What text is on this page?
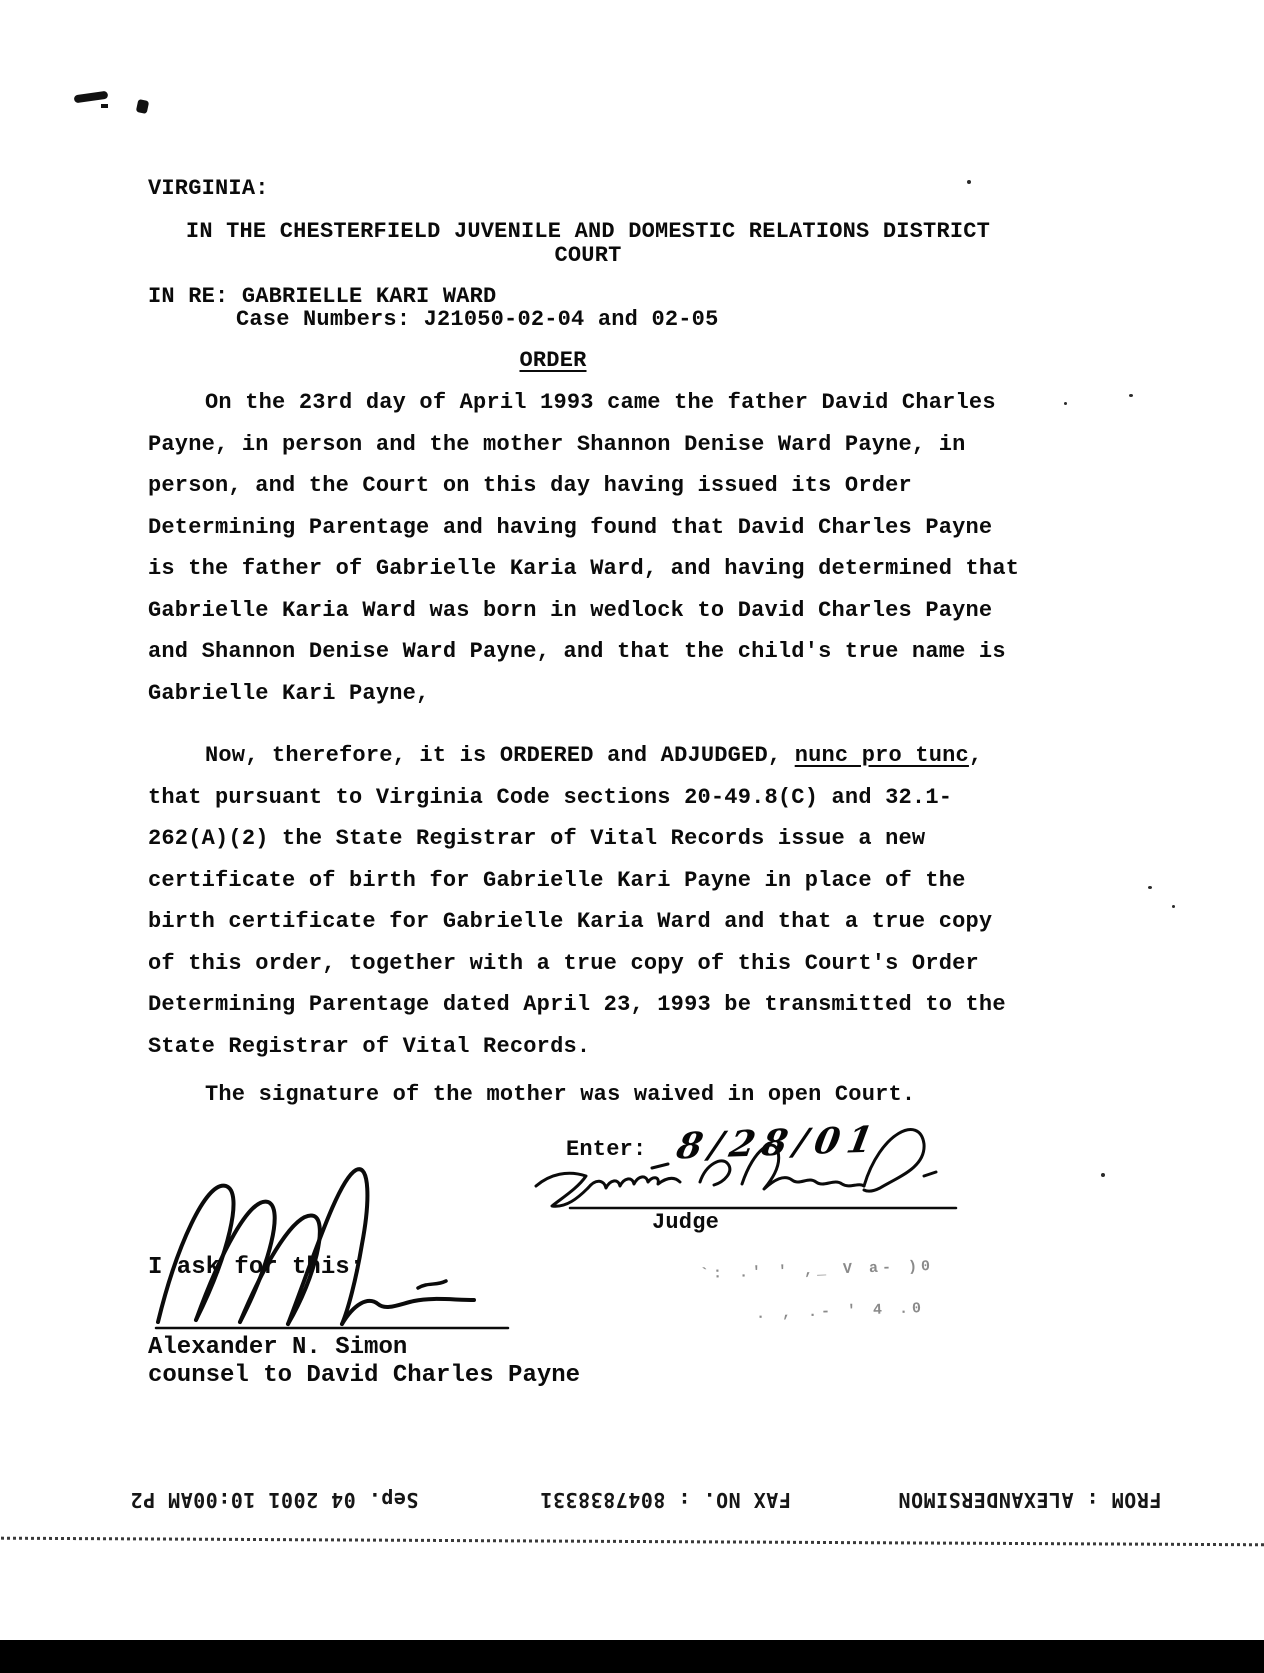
VIRGINIA:
IN THE CHESTERFIELD JUVENILE AND DOMESTIC RELATIONS DISTRICT
COURT
IN RE: GABRIELLE KARI WARD
Case Numbers: J21050-02-04 and 02-05
ORDER
On the 23rd day of April 1993 came the father David Charles
Payne, in person and the mother Shannon Denise Ward Payne, in
person, and the Court on this day having issued its Order
Determining Parentage and having found that David Charles Payne
is the father of Gabrielle Karia Ward, and having determined that
Gabrielle Karia Ward was born in wedlock to David Charles Payne
and Shannon Denise Ward Payne, and that the child's true name is
Gabrielle Kari Payne,
Now, therefore, it is ORDERED and ADJUDGED, nunc pro tunc,
that pursuant to Virginia Code sections 20-49.8(C) and 32.1-
262(A)(2) the State Registrar of Vital Records issue a new
certificate of birth for Gabrielle Kari Payne in place of the
birth certificate for Gabrielle Karia Ward and that a true copy
of this order, together with a true copy of this Court's Order
Determining Parentage dated April 23, 1993 be transmitted to the
State Registrar of Vital Records.
The signature of the mother was waived in open Court.
Enter: 8/28/01
Judge
`: .' ' ,_ V a- )0
. , .- ' 4 .0
I ask for this:
Alexander N. Simon
counsel to David Charles Payne
Sep. 04 2001 10:00AM P2	FAX NO. : 8047838331	FROM : ALEXANDERSIMON
